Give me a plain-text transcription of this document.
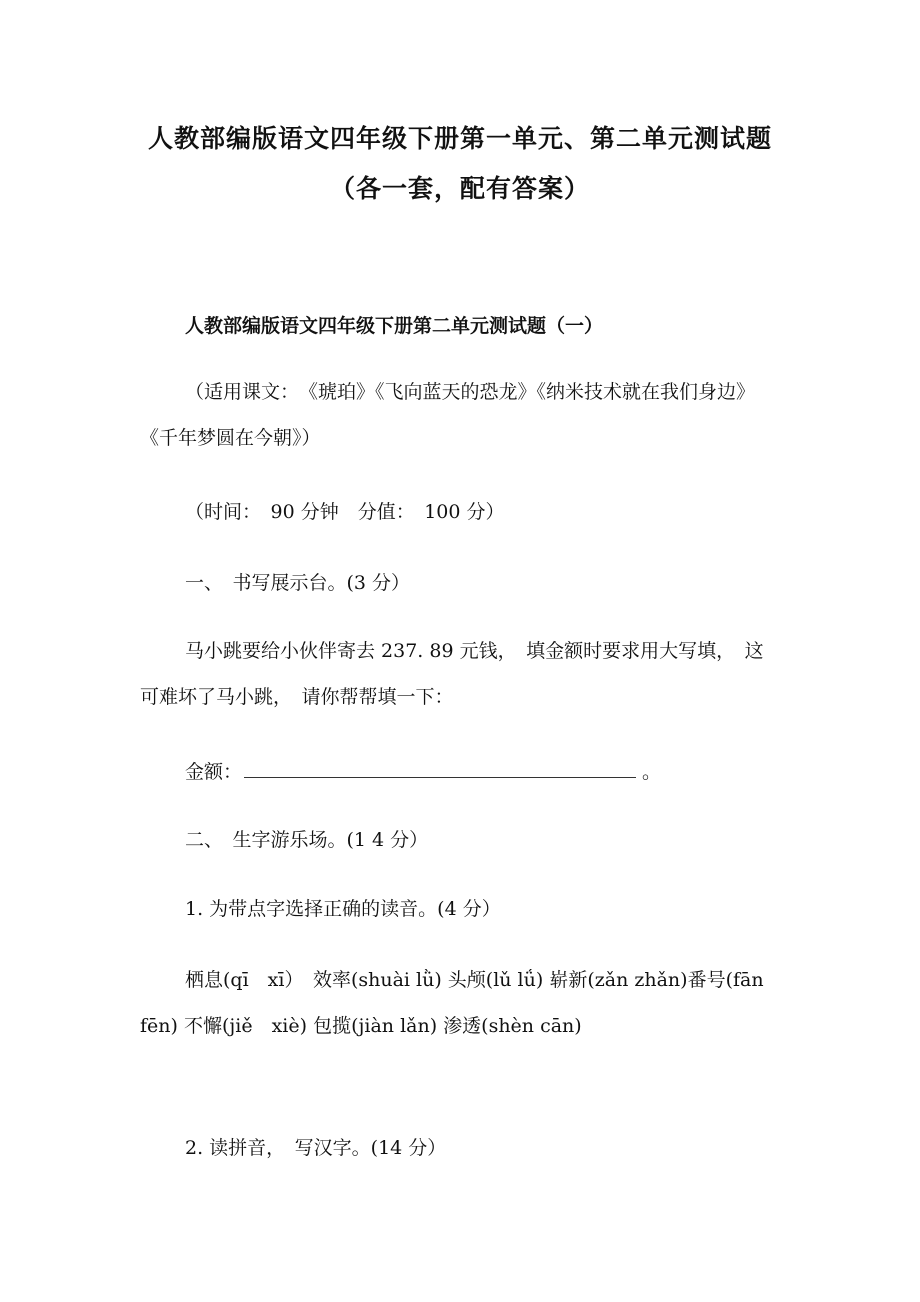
人教部编版语文四年级下册第一单元、第二单元测试题（各一套，配有答案）
人教部编版语文四年级下册第二单元测试题（一）
（适用课文：　《琥珀》《飞向蓝天的恐龙》《纳米技术就在我们身边》《千年梦圆在今朝》）
（时间：　90 分钟　分值：　100 分）
一、　书写展示台。(3 分）
马小跳要给小伙伴寄去 237. 89 元钱，　填金额时要求用大写填，　这可难坏了马小跳，　请你帮帮填一下：
金额：	。
二、　生字游乐场。(1 4 分）
1. 为带点字选择正确的读音。(4 分）
栖息(qī　xī）　效率(shuài lǜ) 头颅(lǔ lǘ) 崭新(zǎn zhǎn)番号(fān fēn) 不懈(jiě　xiè) 包揽(jiàn lǎn) 渗透(shèn cān)
2. 读拼音，　写汉字。(14 分）
